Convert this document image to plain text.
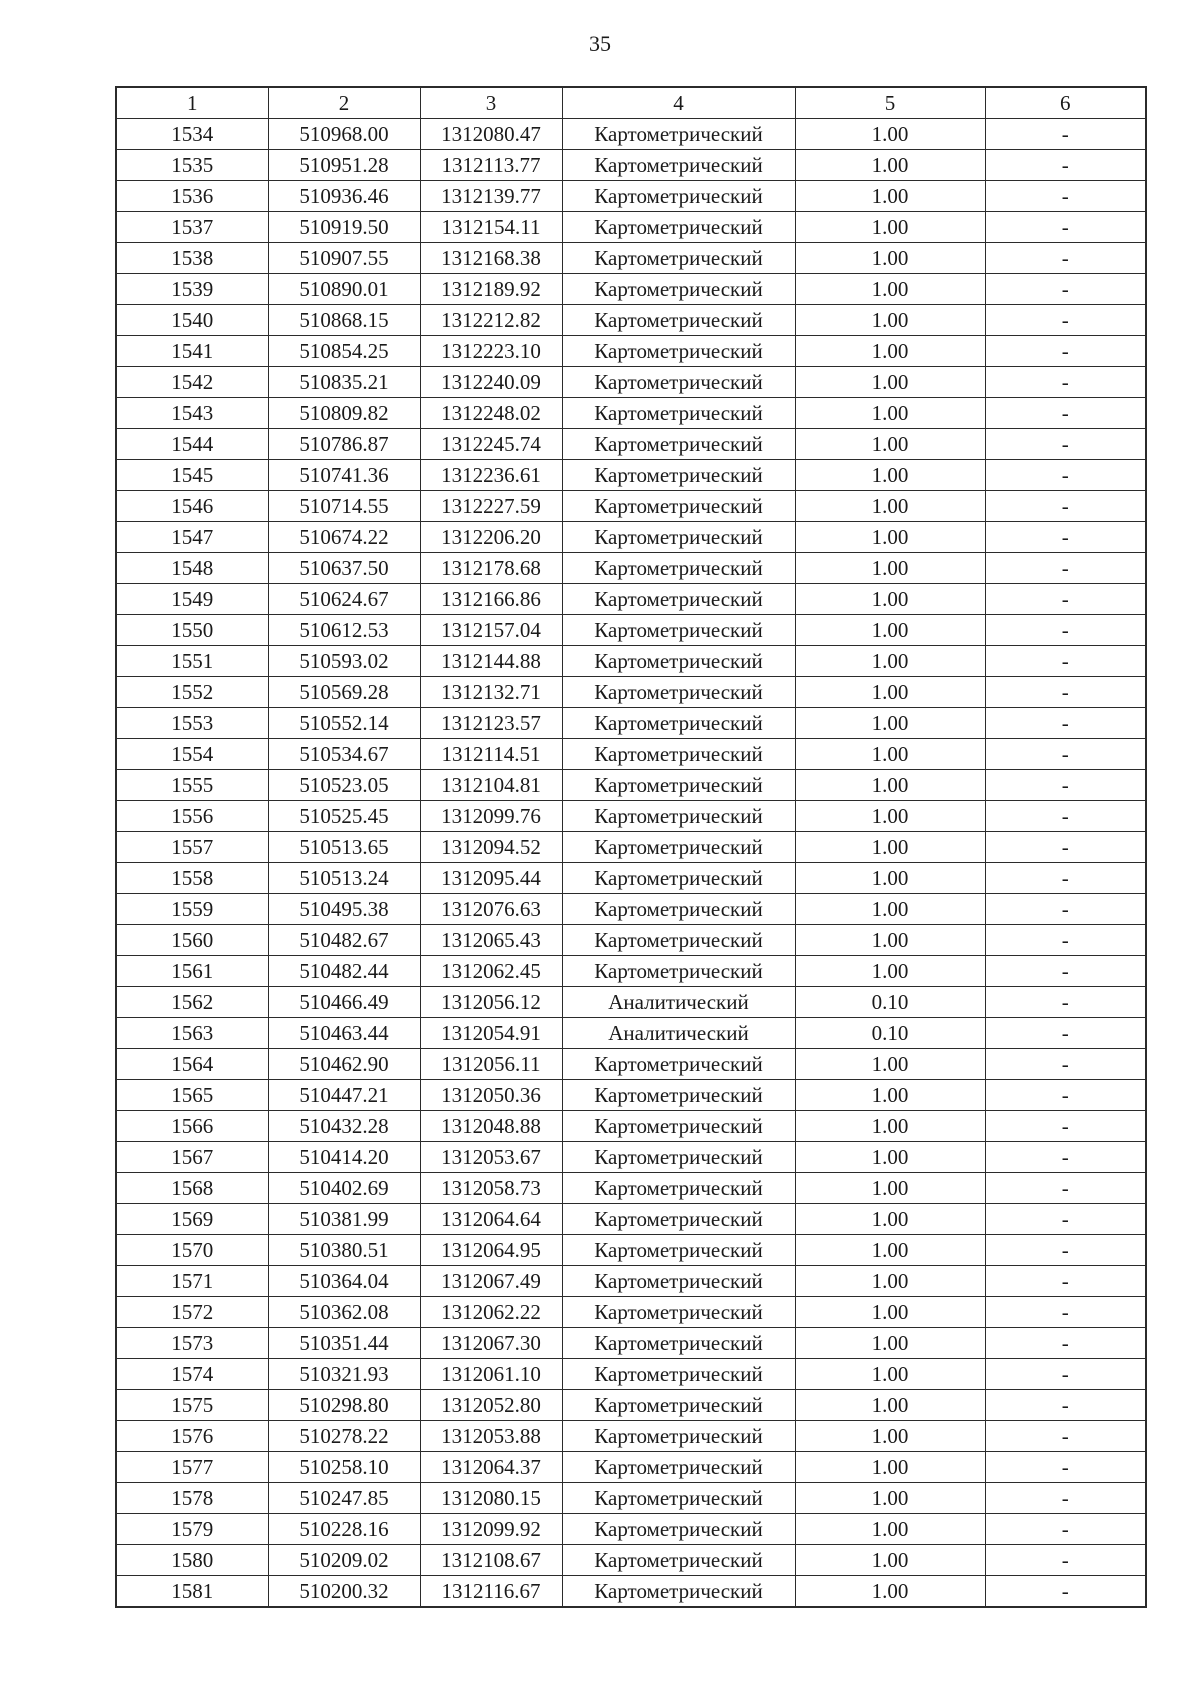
35
1	2	3	4	5	6
1534	510968.00	1312080.47	Картометрический	1.00	-
1535	510951.28	1312113.77	Картометрический	1.00	-
1536	510936.46	1312139.77	Картометрический	1.00	-
1537	510919.50	1312154.11	Картометрический	1.00	-
1538	510907.55	1312168.38	Картометрический	1.00	-
1539	510890.01	1312189.92	Картометрический	1.00	-
1540	510868.15	1312212.82	Картометрический	1.00	-
1541	510854.25	1312223.10	Картометрический	1.00	-
1542	510835.21	1312240.09	Картометрический	1.00	-
1543	510809.82	1312248.02	Картометрический	1.00	-
1544	510786.87	1312245.74	Картометрический	1.00	-
1545	510741.36	1312236.61	Картометрический	1.00	-
1546	510714.55	1312227.59	Картометрический	1.00	-
1547	510674.22	1312206.20	Картометрический	1.00	-
1548	510637.50	1312178.68	Картометрический	1.00	-
1549	510624.67	1312166.86	Картометрический	1.00	-
1550	510612.53	1312157.04	Картометрический	1.00	-
1551	510593.02	1312144.88	Картометрический	1.00	-
1552	510569.28	1312132.71	Картометрический	1.00	-
1553	510552.14	1312123.57	Картометрический	1.00	-
1554	510534.67	1312114.51	Картометрический	1.00	-
1555	510523.05	1312104.81	Картометрический	1.00	-
1556	510525.45	1312099.76	Картометрический	1.00	-
1557	510513.65	1312094.52	Картометрический	1.00	-
1558	510513.24	1312095.44	Картометрический	1.00	-
1559	510495.38	1312076.63	Картометрический	1.00	-
1560	510482.67	1312065.43	Картометрический	1.00	-
1561	510482.44	1312062.45	Картометрический	1.00	-
1562	510466.49	1312056.12	Аналитический	0.10	-
1563	510463.44	1312054.91	Аналитический	0.10	-
1564	510462.90	1312056.11	Картометрический	1.00	-
1565	510447.21	1312050.36	Картометрический	1.00	-
1566	510432.28	1312048.88	Картометрический	1.00	-
1567	510414.20	1312053.67	Картометрический	1.00	-
1568	510402.69	1312058.73	Картометрический	1.00	-
1569	510381.99	1312064.64	Картометрический	1.00	-
1570	510380.51	1312064.95	Картометрический	1.00	-
1571	510364.04	1312067.49	Картометрический	1.00	-
1572	510362.08	1312062.22	Картометрический	1.00	-
1573	510351.44	1312067.30	Картометрический	1.00	-
1574	510321.93	1312061.10	Картометрический	1.00	-
1575	510298.80	1312052.80	Картометрический	1.00	-
1576	510278.22	1312053.88	Картометрический	1.00	-
1577	510258.10	1312064.37	Картометрический	1.00	-
1578	510247.85	1312080.15	Картометрический	1.00	-
1579	510228.16	1312099.92	Картометрический	1.00	-
1580	510209.02	1312108.67	Картометрический	1.00	-
1581	510200.32	1312116.67	Картометрический	1.00	-
